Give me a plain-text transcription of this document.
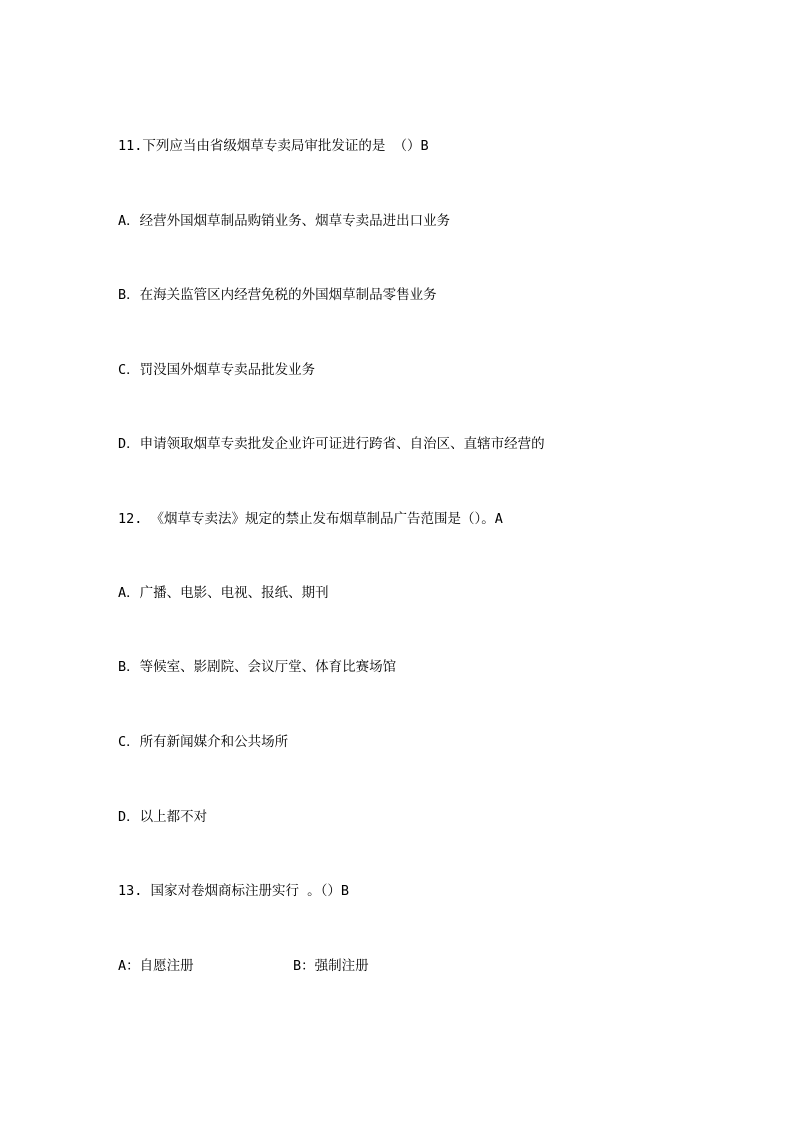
11.下列应当由省级烟草专卖局审批发证的是 （）B
A．经营外国烟草制品购销业务、烟草专卖品进出口业务
B．在海关监管区内经营免税的外国烟草制品零售业务
C．罚没国外烟草专卖品批发业务
D．申请领取烟草专卖批发企业许可证进行跨省、自治区、直辖市经营的
12. 《烟草专卖法》规定的禁止发布烟草制品广告范围是（）。A
A．广播、电影、电视、报纸、期刊
B．等候室、影剧院、会议厅堂、体育比赛场馆
C．所有新闻媒介和公共场所
D．以上都不对
13. 国家对卷烟商标注册实行 。（）B
A：自愿注册	B：强制注册
